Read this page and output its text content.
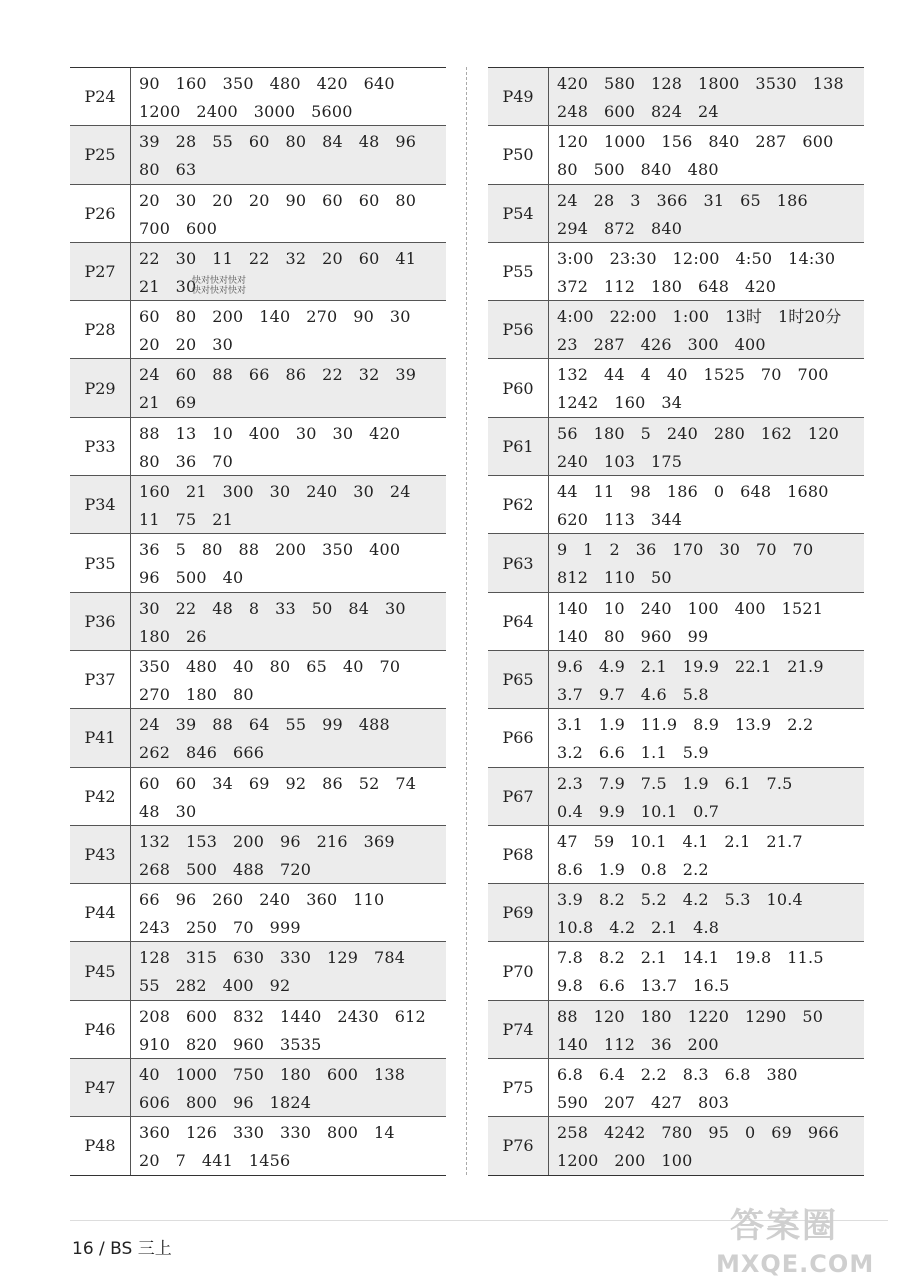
P24
90   160   350   480   420   640
1200   2400   3000   5600
P25
39   28   55   60   80   84   48   96
80   63
P26
20   30   20   20   90   60   60   80
700   600
P27
22   30   11   22   32   20   60   41
21   30
P28
60   80   200   140   270   90   30
20   20   30
P29
24   60   88   66   86   22   32   39
21   69
P33
88   13   10   400   30   30   420
80   36   70
P34
160   21   300   30   240   30   24
11   75   21
P35
36   5   80   88   200   350   400
96   500   40
P36
30   22   48   8   33   50   84   30
180   26
P37
350   480   40   80   65   40   70
270   180   80
P41
24   39   88   64   55   99   488
262   846   666
P42
60   60   34   69   92   86   52   74
48   30
P43
132   153   200   96   216   369
268   500   488   720
P44
66   96   260   240   360   110
243   250   70   999
P45
128   315   630   330   129   784
55   282   400   92
P46
208   600   832   1440   2430   612
910   820   960   3535
P47
40   1000   750   180   600   138
606   800   96   1824
P48
360   126   330   330   800   14
20   7   441   1456
P49
420   580   128   1800   3530   138
248   600   824   24
P50
120   1000   156   840   287   600
80   500   840   480
P54
24   28   3   366   31   65   186
294   872   840
P55
3:00   23:30   12:00   4:50   14:30
372   112   180   648   420
P56
4:00   22:00   1:00   13时   1时20分
23   287   426   300   400
P60
132   44   4   40   1525   70   700
1242   160   34
P61
56   180   5   240   280   162   120
240   103   175
P62
44   11   98   186   0   648   1680
620   113   344
P63
9   1   2   36   170   30   70   70
812   110   50
P64
140   10   240   100   400   1521
140   80   960   99
P65
9.6   4.9   2.1   19.9   22.1   21.9
3.7   9.7   4.6   5.8
P66
3.1   1.9   11.9   8.9   13.9   2.2
3.2   6.6   1.1   5.9
P67
2.3   7.9   7.5   1.9   6.1   7.5
0.4   9.9   10.1   0.7
P68
47   59   10.1   4.1   2.1   21.7
8.6   1.9   0.8   2.2
P69
3.9   8.2   5.2   4.2   5.3   10.4
10.8   4.2   2.1   4.8
P70
7.8   8.2   2.1   14.1   19.8   11.5
9.8   6.6   13.7   16.5
P74
88   120   180   1220   1290   50
140   112   36   200
P75
6.8   6.4   2.2   8.3   6.8   380
590   207   427   803
P76
258   4242   780   95   0   69   966
1200   200   100
快对快对快对
快对快对快对
16 / BS 三上
答案圈
MXQE.COM
